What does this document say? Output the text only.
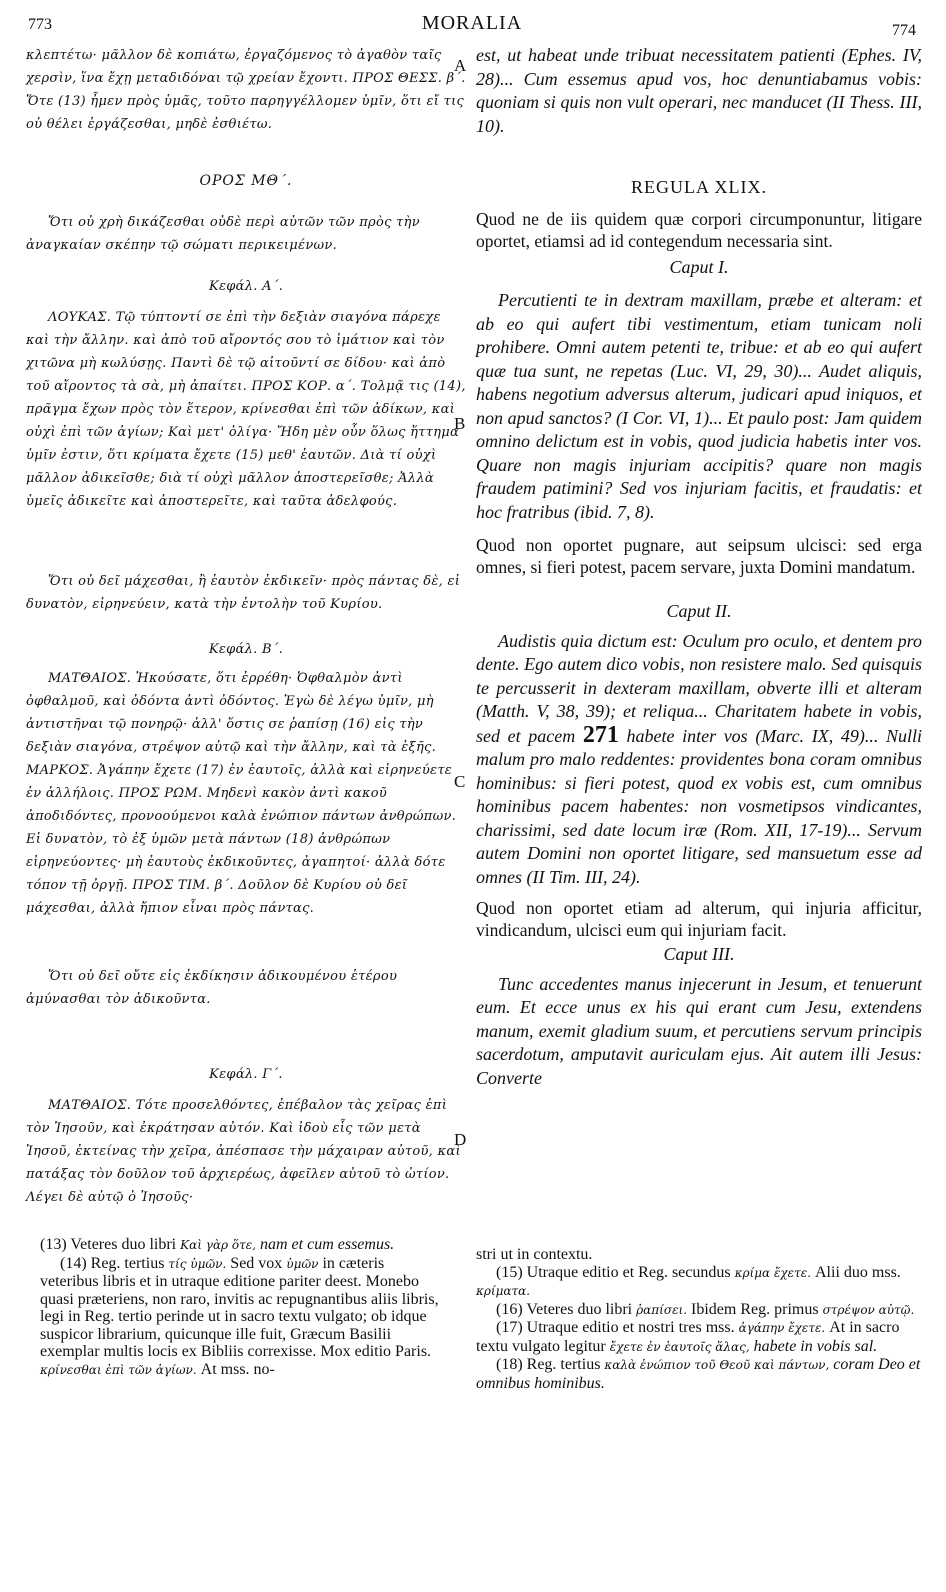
773	MORALIA	774

κλεπτέτω· μᾶλλον δὲ κοπιάτω, ἐργαζόμενος τὸ ἀγαθὸν ταῖς χερσὶν, ἵνα ἔχῃ μεταδιδόναι τῷ χρείαν ἔχοντι. ΠΡΟΣ ΘΕΣΣ. β΄. Ὅτε (13) ἦμεν πρὸς ὑμᾶς, τοῦτο παρηγγέλλομεν ὑμῖν, ὅτι εἴ τις οὐ θέλει ἐργάζεσθαι, μηδὲ ἐσθιέτω.

ΟΡΟΣ ΜΘ΄.

Ὅτι οὐ χρὴ δικάζεσθαι οὐδὲ περὶ αὐτῶν τῶν πρὸς τὴν ἀναγκαίαν σκέπην τῷ σώματι περικειμένων.

Κεφάλ. Α΄.

ΛΟΥΚΑΣ. Τῷ τύπτοντί σε ἐπὶ τὴν δεξιὰν σιαγόνα πάρεχε καὶ τὴν ἄλλην. καὶ ἀπὸ τοῦ αἴροντός σου τὸ ἱμάτιον καὶ τὸν χιτῶνα μὴ κωλύσῃς. Παντὶ δὲ τῷ αἰτοῦντί σε δίδου· καὶ ἀπὸ τοῦ αἴροντος τὰ σὰ, μὴ ἀπαίτει. ΠΡΟΣ ΚΟΡ. α΄. Τολμᾷ τις (14), πρᾶγμα ἔχων πρὸς τὸν ἕτερον, κρίνεσθαι ἐπὶ τῶν ἀδίκων, καὶ οὐχὶ ἐπὶ τῶν ἁγίων; Καὶ μετ' ὀλίγα· Ἤδη μὲν οὖν ὅλως ἥττημα ὑμῖν ἐστιν, ὅτι κρίματα ἔχετε (15) μεθ' ἑαυτῶν. Διὰ τί οὐχὶ μᾶλλον ἀδικεῖσθε; διὰ τί οὐχὶ μᾶλλον ἀποστερεῖσθε; Ἀλλὰ ὑμεῖς ἀδικεῖτε καὶ ἀποστερεῖτε, καὶ ταῦτα ἀδελφούς.

Ὅτι οὐ δεῖ μάχεσθαι, ἢ ἑαυτὸν ἐκδικεῖν· πρὸς πάντας δὲ, εἰ δυνατὸν, εἰρηνεύειν, κατὰ τὴν ἐντολὴν τοῦ Κυρίου.

Κεφάλ. Β΄.

ΜΑΤΘΑΙΟΣ. Ἠκούσατε, ὅτι ἐρρέθη· Ὀφθαλμὸν ἀντὶ ὀφθαλμοῦ, καὶ ὀδόντα ἀντὶ ὀδόντος. Ἐγὼ δὲ λέγω ὑμῖν, μὴ ἀντιστῆναι τῷ πονηρῷ· ἀλλ' ὅστις σε ῥαπίσῃ (16) εἰς τὴν δεξιὰν σιαγόνα, στρέψον αὐτῷ καὶ τὴν ἄλλην, καὶ τὰ ἑξῆς. ΜΑΡΚΟΣ. Ἀγάπην ἔχετε (17) ἐν ἑαυτοῖς, ἀλλὰ καὶ εἰρηνεύετε ἐν ἀλλήλοις. ΠΡΟΣ ΡΩΜ. Μηδενὶ κακὸν ἀντὶ κακοῦ ἀποδιδόντες, προνοούμενοι καλὰ ἐνώπιον πάντων ἀνθρώπων. Εἰ δυνατὸν, τὸ ἐξ ὑμῶν μετὰ πάντων (18) ἀνθρώπων εἰρηνεύοντες· μὴ ἑαυτοὺς ἐκδικοῦντες, ἀγαπητοί· ἀλλὰ δότε τόπον τῇ ὀργῇ. ΠΡΟΣ ΤΙΜ. β΄. Δοῦλον δὲ Κυρίου οὐ δεῖ μάχεσθαι, ἀλλὰ ἤπιον εἶναι πρὸς πάντας.

Ὅτι οὐ δεῖ οὔτε εἰς ἐκδίκησιν ἀδικουμένου ἑτέρου ἀμύνασθαι τὸν ἀδικοῦντα.

Κεφάλ. Γ΄.

ΜΑΤΘΑΙΟΣ. Τότε προσελθόντες, ἐπέβαλον τὰς χεῖρας ἐπὶ τὸν Ἰησοῦν, καὶ ἐκράτησαν αὐτόν. Καὶ ἰδοὺ εἷς τῶν μετὰ Ἰησοῦ, ἐκτείνας τὴν χεῖρα, ἀπέσπασε τὴν μάχαιραν αὐτοῦ, καὶ πατάξας τὸν δοῦλον τοῦ ἀρχιερέως, ἀφεῖλεν αὐτοῦ τὸ ὠτίον. Λέγει δὲ αὐτῷ ὁ Ἰησοῦς·

A
B
C
D

est, ut habeat unde tribuat necessitatem patienti (Ephes. IV, 28)... Cum essemus apud vos, hoc denuntiabamus vobis: quoniam si quis non vult operari, nec manducet (II Thess. III, 10).

REGULA XLIX.

Quod ne de iis quidem quæ corpori circumponuntur, litigare oportet, etiamsi ad id contegendum necessaria sint.

Caput I.

Percutienti te in dextram maxillam, præbe et alteram: et ab eo qui aufert tibi vestimentum, etiam tunicam noli prohibere. Omni autem petenti te, tribue: et ab eo qui aufert quæ tua sunt, ne repetas (Luc. VI, 29, 30)... Audet aliquis, habens negotium adversus alterum, judicari apud iniquos, et non apud sanctos? (I Cor. VI, 1)... Et paulo post: Jam quidem omnino delictum est in vobis, quod judicia habetis inter vos. Quare non magis injuriam accipitis? quare non magis fraudem patimini? Sed vos injuriam facitis, et fraudatis: et hoc fratribus (ibid. 7, 8).

Quod non oportet pugnare, aut seipsum ulcisci: sed erga omnes, si fieri potest, pacem servare, juxta Domini mandatum.

Caput II.

Audistis quia dictum est: Oculum pro oculo, et dentem pro dente. Ego autem dico vobis, non resistere malo. Sed quisquis te percusserit in dexteram maxillam, obverte illi et alteram (Matth. V, 38, 39); et reliqua... Charitatem habete in vobis, sed et pacem 271 habete inter vos (Marc. IX, 49)... Nulli malum pro malo reddentes: providentes bona coram omnibus hominibus: si fieri potest, quod ex vobis est, cum omnibus hominibus pacem habentes: non vosmetipsos vindicantes, charissimi, sed date locum iræ (Rom. XII, 17-19)... Servum autem Domini non oportet litigare, sed mansuetum esse ad omnes (II Tim. III, 24).

Quod non oportet etiam ad alterum, qui injuria afficitur, vindicandum, ulcisci eum qui injuriam facit.

Caput III.

Tunc accedentes manus injecerunt in Jesum, et tenuerunt eum. Et ecce unus ex his qui erant cum Jesu, extendens manum, exemit gladium suum, et percutiens servum principis sacerdotum, amputavit auriculam ejus. Ait autem illi Jesus: Converte

(13) Veteres duo libri Καὶ γὰρ ὅτε, nam et cum essemus.

(14) Reg. tertius τίς ὑμῶν. Sed vox ὑμῶν in cæteris veteribus libris et in utraque editione pariter deest. Monebo quasi præteriens, non raro, invitis ac repugnantibus aliis libris, legi in Reg. tertio perinde ut in sacro textu vulgato; ob idque suspicor librarium, quicunque ille fuit, Græcum Basilii exemplar multis locis ex Bibliis correxisse. Mox editio Paris. κρίνεσθαι ἐπὶ τῶν ἁγίων. At mss. no-

stri ut in contextu.

(15) Utraque editio et Reg. secundus κρίμα ἔχετε. Alii duo mss. κρίματα.

(16) Veteres duo libri ῥαπίσει. Ibidem Reg. primus στρέψον αὐτῷ.

(17) Utraque editio et nostri tres mss. ἀγάπην ἔχετε. At in sacro textu vulgato legitur ἔχετε ἐν ἑαυτοῖς ἅλας, habete in vobis sal.

(18) Reg. tertius καλὰ ἐνώπιον τοῦ Θεοῦ καὶ πάντων, coram Deo et omnibus hominibus.
